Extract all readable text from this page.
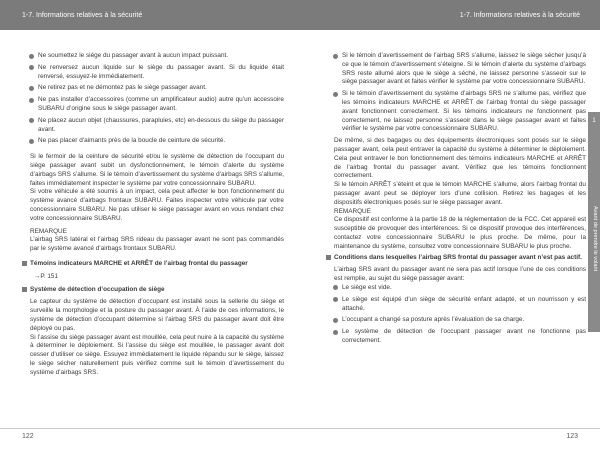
1-7. Informations relatives à la sécurité	1-7. Informations relatives à la sécurité
Ne soumettez le siège du passager avant à aucun impact puissant.
Ne renversez aucun liquide sur le siège du passager avant. Si du liquide était renversé, essuyez-le immédiatement.
Ne retirez pas et ne démontez pas le siège passager avant.
Ne pas installer d’accessoires (comme un amplificateur audio) autre qu’un accessoire SUBARU d’origine sous le siège passager avant.
Ne placez aucun objet (chaussures, parapluies, etc) en-dessous du siège du passager avant.
Ne pas placer d’aimants près de la boucle de ceinture de sécurité.

Si le fermoir de la ceinture de sécurité et/ou le système de détection de l’occupant du siège passager avant subit un dysfonctionnement, le témoin d’alerte du système d’airbags SRS s’allume. Si le témoin d’avertissement du système d’airbags SRS s’allume, faites immédiatement inspecter le système par votre concessionnaire SUBARU.

Si votre véhicule a été soumis à un impact, cela peut affecter le bon fonctionnement du système avancé d’airbags frontaux SUBARU. Faites inspecter votre véhicule par votre concessionnaire SUBARU. Ne pas utiliser le siège passager avant en vous rendant chez votre concessionnaire SUBARU.

REMARQUE

L’airbag SRS latéral et l’airbag SRS rideau du passager avant ne sont pas commandés par le système avancé d’airbags frontaux SUBARU.

Témoins indicateurs MARCHE et ARRÊT de l’airbag frontal du passager

→P. 151

Système de détection d’occupation de siège

Le capteur du système de détection d’occupant est installé sous la sellerie du siège et surveille la morphologie et la posture du passager avant. À l’aide de ces informations, le système de détection d’occupant détermine si l’airbag SRS du passager avant doit être déployé ou pas.

Si l’assise du siège passager avant est mouillée, cela peut nuire à la capacité du système à déterminer le déploiement. Si l’assise du siège est mouillée, le passager avant doit cesser d’utiliser ce siège. Essuyez immédiatement le liquide répandu sur le siège, laissez le siège sécher naturellement puis vérifiez comme suit le témoin d’avertissement du système d’airbags SRS.

Si le témoin d’avertissement de l’airbag SRS s’allume, laissez le siège sécher jusqu’à ce que le témoin d’avertissement s’éteigne. Si le témoin d’alerte du système d’airbags SRS reste allumé alors que le siège a séché, ne laissez personne s’asseoir sur le siège passager avant et faites vérifier le système par votre concessionnaire SUBARU.
Si le témoin d’avertissement du système d’airbags SRS ne s’allume pas, vérifiez que les témoins indicateurs MARCHE et ARRÊT de l’airbag frontal du siège passager avant fonctionnent correctement. Si les témoins indicateurs ne fonctionnent pas correctement, ne laissez personne s’asseoir dans le siège passager avant et faites vérifier le système par votre concessionnaire SUBARU.

De même, si des bagages ou des équipements électroniques sont posés sur le siège passager avant, cela peut entraver la capacité du système à déterminer le déploiement. Cela peut entraver le bon fonctionnement des témoins indicateurs MARCHE et ARRÊT de l’airbag frontal du passager avant. Vérifiez que les témoins fonctionnent correctement.

Si le témoin ARRÊT s’éteint et que le témoin MARCHE s’allume, alors l’airbag frontal du passager avant peut se déployer lors d’une collision. Retirez les bagages et les dispositifs électroniques posés sur le siège passager avant.

REMARQUE

Ce dispositif est conforme à la partie 18 de la réglementation de la FCC. Cet appareil est susceptible de provoquer des interférences. Si ce dispositif provoque des interférences, contactez votre concessionnaire SUBARU le plus proche. De même, pour la maintenance du système, consultez votre concessionnaire SUBARU le plus proche.

Conditions dans lesquelles l’airbag SRS frontal du passager avant n’est pas actif.

L’airbag SRS avant du passager avant ne sera pas actif lorsque l’une de ces conditions est remplie, au sujet du siège passager avant:

Le siège est vide.
Le siège est équipé d’un siège de sécurité enfant adapté, et un nourrisson y est attaché.
L’occupant a changé sa posture après l’évaluation de sa charge.
Le système de détection de l’occupant passager avant ne fonctionne pas correctement.
1
Avant de prendre le volant
122	123
